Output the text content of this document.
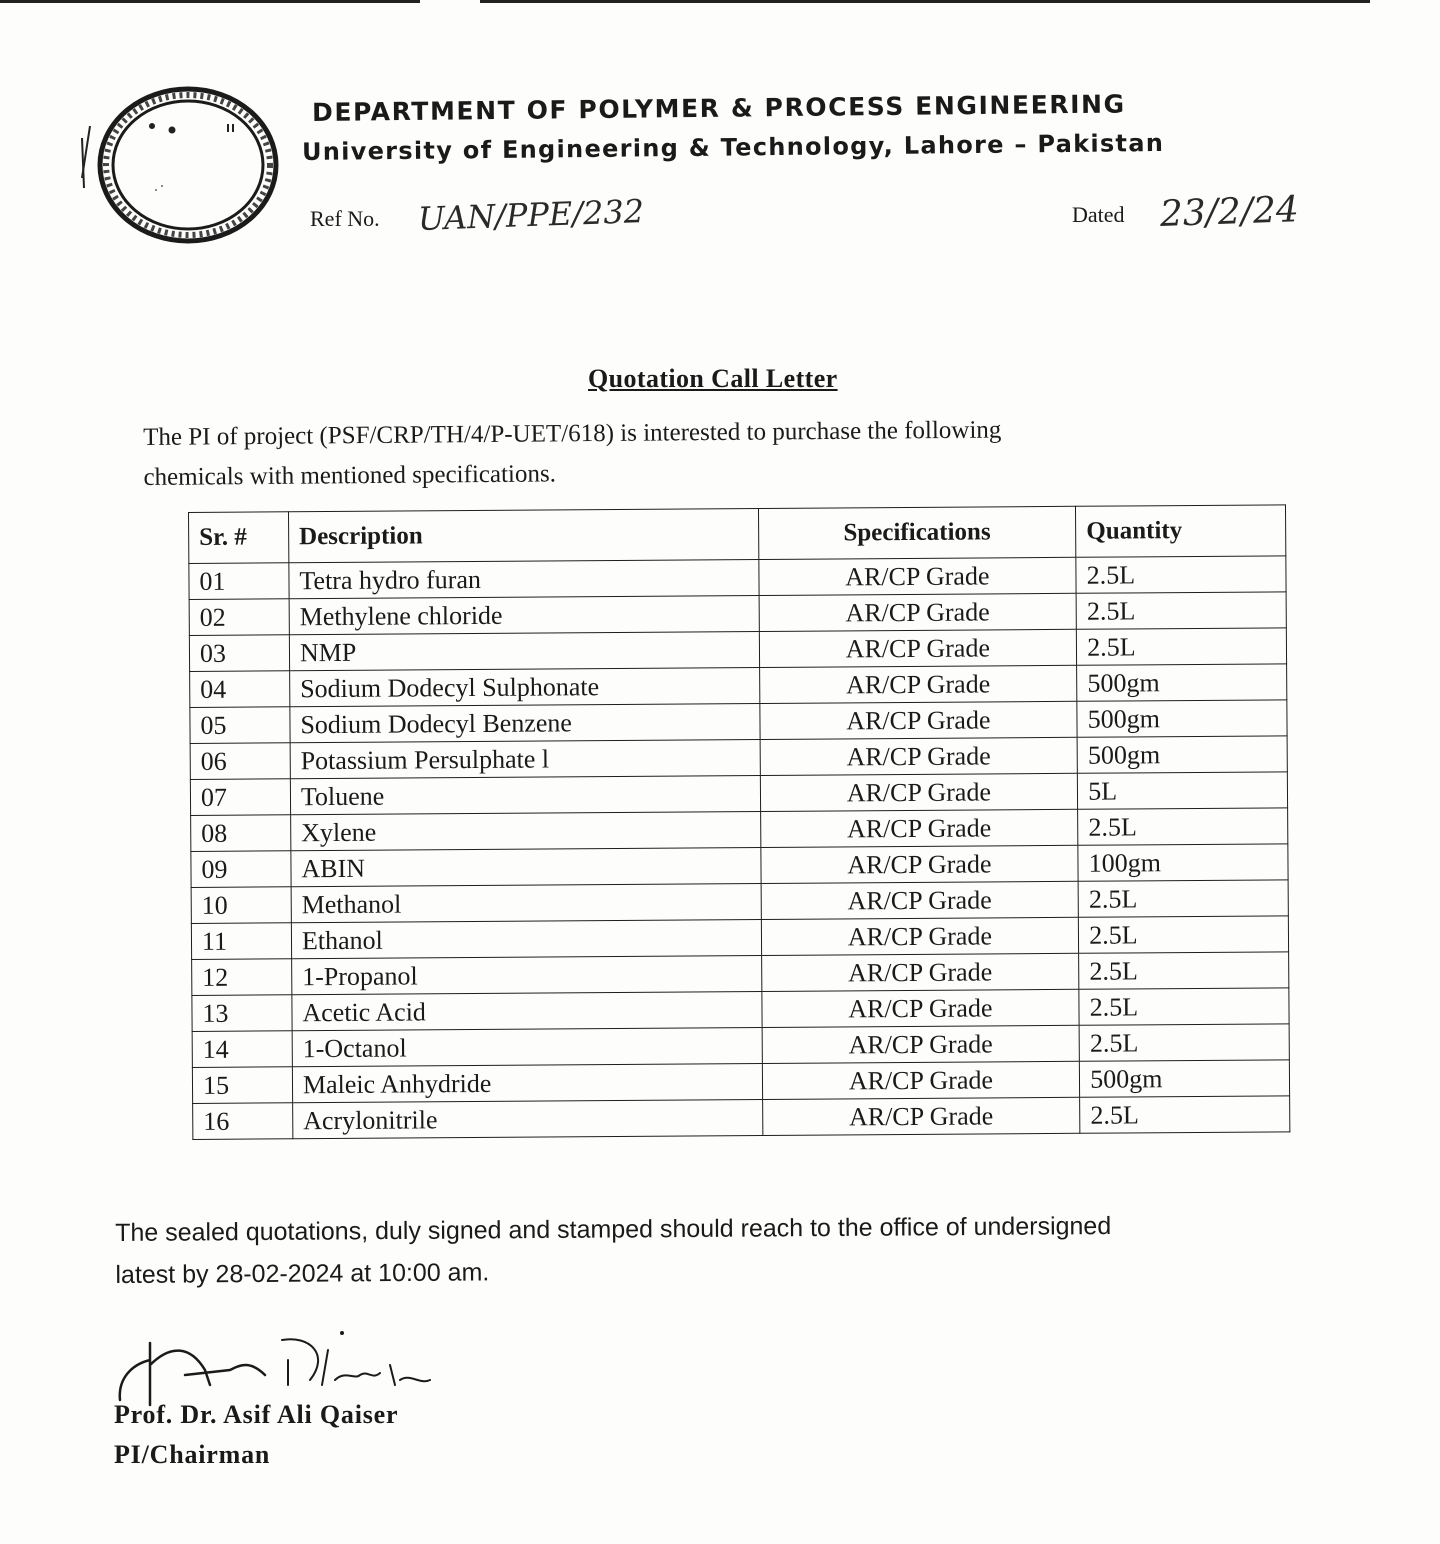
DEPARTMENT OF POLYMER & PROCESS ENGINEERING
University of Engineering & Technology, Lahore – Pakistan
Ref No. UAN/PPE/232	Dated 23/2/24
Quotation Call Letter

The PI of project (PSF/CRP/TH/4/P-UET/618) is interested to purchase the following

chemicals with mentioned specifications.

Sr. #	Description	Specifications	Quantity
01	Tetra hydro furan	AR/CP Grade	2.5L
02	Methylene chloride	AR/CP Grade	2.5L
03	NMP	AR/CP Grade	2.5L
04	Sodium Dodecyl Sulphonate	AR/CP Grade	500gm
05	Sodium Dodecyl Benzene	AR/CP Grade	500gm
06	Potassium Persulphate l	AR/CP Grade	500gm
07	Toluene	AR/CP Grade	5L
08	Xylene	AR/CP Grade	2.5L
09	ABIN	AR/CP Grade	100gm
10	Methanol	AR/CP Grade	2.5L
11	Ethanol	AR/CP Grade	2.5L
12	1-Propanol	AR/CP Grade	2.5L
13	Acetic Acid	AR/CP Grade	2.5L
14	1-Octanol	AR/CP Grade	2.5L
15	Maleic Anhydride	AR/CP Grade	500gm
16	Acrylonitrile	AR/CP Grade	2.5L

The sealed quotations, duly signed and stamped should reach to the office of undersigned

latest by 28-02-2024 at 10:00 am.

Prof. Dr. Asif Ali Qaiser
PI/Chairman
